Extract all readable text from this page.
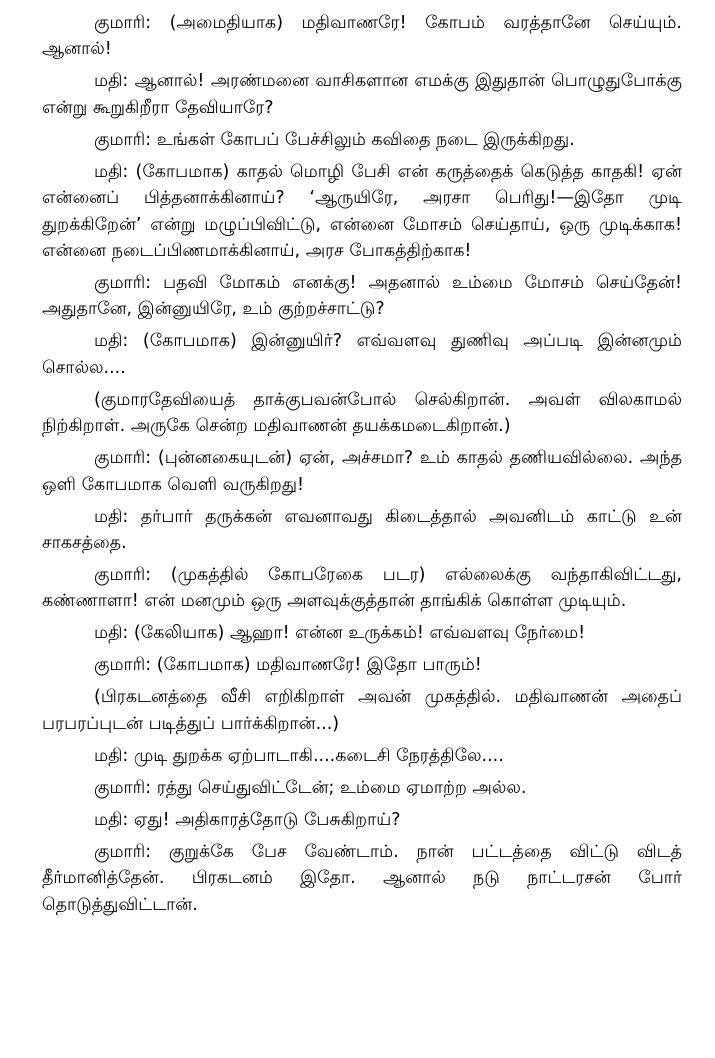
குமாரி: (அமைதியாக) மதிவாணரே! கோபம் வரத்தானே செய்யும். ஆனால்!

மதி: ஆனால்! அரண்மனை வாசிகளான எமக்கு இதுதான் பொழுதுபோக்கு என்று கூறுகிறீரா தேவியாரே?

குமாரி: உங்கள் கோபப் பேச்சிலும் கவிதை நடை இருக்கிறது.

மதி: (கோபமாக) காதல் மொழி பேசி என் கருத்தைக் கெடுத்த காதகி! ஏன் என்னைப் பித்தனாக்கினாய்? ‘ஆருயிரே, அரசா பெரிது!—இதோ முடி துறக்கிறேன்’ என்று மழுப்பிவிட்டு, என்னை மோசம் செய்தாய், ஒரு முடிக்காக! என்னை நடைப்பிணமாக்கினாய், அரச போகத்திற்காக!

குமாரி: பதவி மோகம் எனக்கு! அதனால் உம்மை மோசம் செய்தேன்! அதுதானே, இன்னுயிரே, உம் குற்றச்சாட்டு?

மதி: (கோபமாக) இன்னுயிர்? எவ்வளவு துணிவு அப்படி இன்னமும் சொல்ல....

(குமாரதேவியைத் தாக்குபவன்போல் செல்கிறான். அவள் விலகாமல் நிற்கிறாள். அருகே சென்ற மதிவாணன் தயக்கமடைகிறான்.)

குமாரி: (புன்னகையுடன்) ஏன், அச்சமா? உம் காதல் தணியவில்லை. அந்த ஒளி கோபமாக வெளி வருகிறது!

மதி: தர்பார் தருக்கன் எவனாவது கிடைத்தால் அவனிடம் காட்டு உன் சாகசத்தை.

குமாரி: (முகத்தில் கோபரேகை படர) எல்லைக்கு வந்தாகிவிட்டது, கண்ணாளா! என் மனமும் ஒரு அளவுக்குத்தான் தாங்கிக் கொள்ள முடியும்.

மதி: (கேலியாக) ஆஹா! என்ன உருக்கம்! எவ்வளவு நேர்மை!

குமாரி: (கோபமாக) மதிவாணரே! இதோ பாரும்!

(பிரகடனத்தை வீசி எறிகிறாள் அவன் முகத்தில். மதிவாணன் அதைப் பரபரப்புடன் படித்துப் பார்க்கிறான்...)

மதி: முடி துறக்க ஏற்பாடாகி....கடைசி நேரத்திலே....

குமாரி: ரத்து செய்துவிட்டேன்; உம்மை ஏமாற்ற அல்ல.

மதி: ஏது! அதிகாரத்தோடு பேசுகிறாய்?

குமாரி: குறுக்கே பேச வேண்டாம். நான் பட்டத்தை விட்டு விடத் தீர்மானித்தேன். பிரகடனம் இதோ. ஆனால் நடு நாட்டரசன் போர் தொடுத்துவிட்டான்.
